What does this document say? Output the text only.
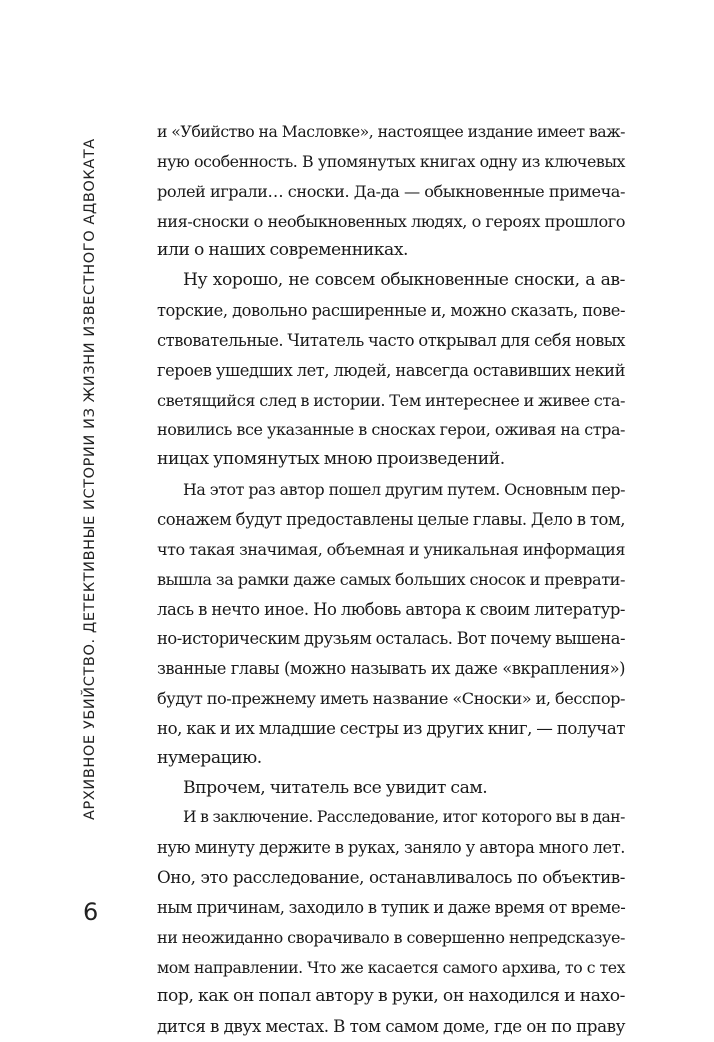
АРХИВНОЕ УБИЙСТВО. ДЕТЕКТИВНЫЕ ИСТОРИИ ИЗ ЖИЗНИ ИЗВЕСТНОГО АДВОКАТА
6
и «Убийство на Масловке», настоящее издание имеет важ-
ную особенность. В упомянутых книгах одну из ключевых
ролей играли… сноски. Да-да — обыкновенные примеча-
ния-сноски о необыкновенных людях, о героях прошлого
или о наших современниках.
Ну хорошо, не совсем обыкновенные сноски, а ав-
торские, довольно расширенные и, можно сказать, пове-
ствовательные. Читатель часто открывал для себя новых
героев ушедших лет, людей, навсегда оставивших некий
светящийся след в истории. Тем интереснее и живее ста-
новились все указанные в сносках герои, оживая на стра-
ницах упомянутых мною произведений.
На этот раз автор пошел другим путем. Основным пер-
сонажем будут предоставлены целые главы. Дело в том,
что такая значимая, объемная и уникальная информация
вышла за рамки даже самых больших сносок и преврати-
лась в нечто иное. Но любовь автора к своим литератур-
но-историческим друзьям осталась. Вот почему вышена-
званные главы (можно называть их даже «вкрапления»)
будут по-прежнему иметь название «Сноски» и, бесспор-
но, как и их младшие сестры из других книг, — получат
нумерацию.
Впрочем, читатель все увидит сам.
И в заключение. Расследование, итог которого вы в дан-
ную минуту держите в руках, заняло у автора много лет.
Оно, это расследование, останавливалось по объектив-
ным причинам, заходило в тупик и даже время от време-
ни неожиданно сворачивало в совершенно непредсказуе-
мом направлении. Что же касается самого архива, то с тех
пор, как он попал автору в руки, он находился и нахо-
дится в двух местах. В том самом доме, где он по праву
